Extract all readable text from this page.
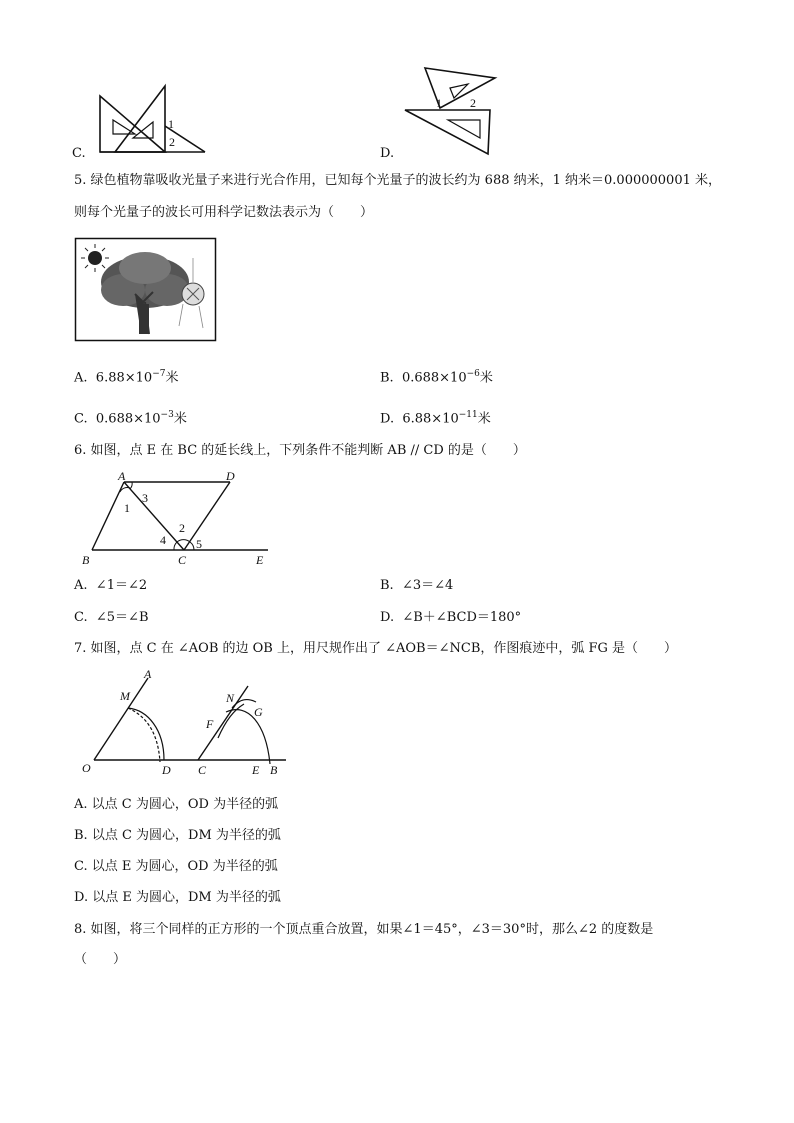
C.
1
2
D.
1 2
5. 绿色植物靠吸收光量子来进行光合作用，已知每个光量子的波长约为 688 纳米，1 纳米＝0.000000001 米，
则每个光量子的波长可用科学记数法表示为（　　）
A. $6.88\times 10^{-7}$米	B. $0.688\times 10^{-6}$米
C. $0.688\times 10^{-3}$米	D. $6.88\times 10^{-11}$米
6. 如图，点 E 在 BC 的延长线上，下列条件不能判断 AB // CD 的是（　　）
A	D
B	C	E
1
2
3
4	5
A. ∠1＝∠2	B. ∠3＝∠4
C. ∠5＝∠B	D. ∠B＋∠BCD＝180°
7. 如图，点 C 在 ∠AOB 的边 OB 上，用尺规作出了 ∠AOB＝∠NCB，作图痕迹中，弧 FG 是（　　）
O
A
M
D C
F
N
G
E B
A. 以点 C 为圆心，OD 为半径的弧
B. 以点 C 为圆心，DM 为半径的弧
C. 以点 E 为圆心，OD 为半径的弧
D. 以点 E 为圆心，DM 为半径的弧
8. 如图，将三个同样的正方形的一个顶点重合放置，如果∠1＝45°，∠3＝30°时，那么∠2 的度数是
（　　）
